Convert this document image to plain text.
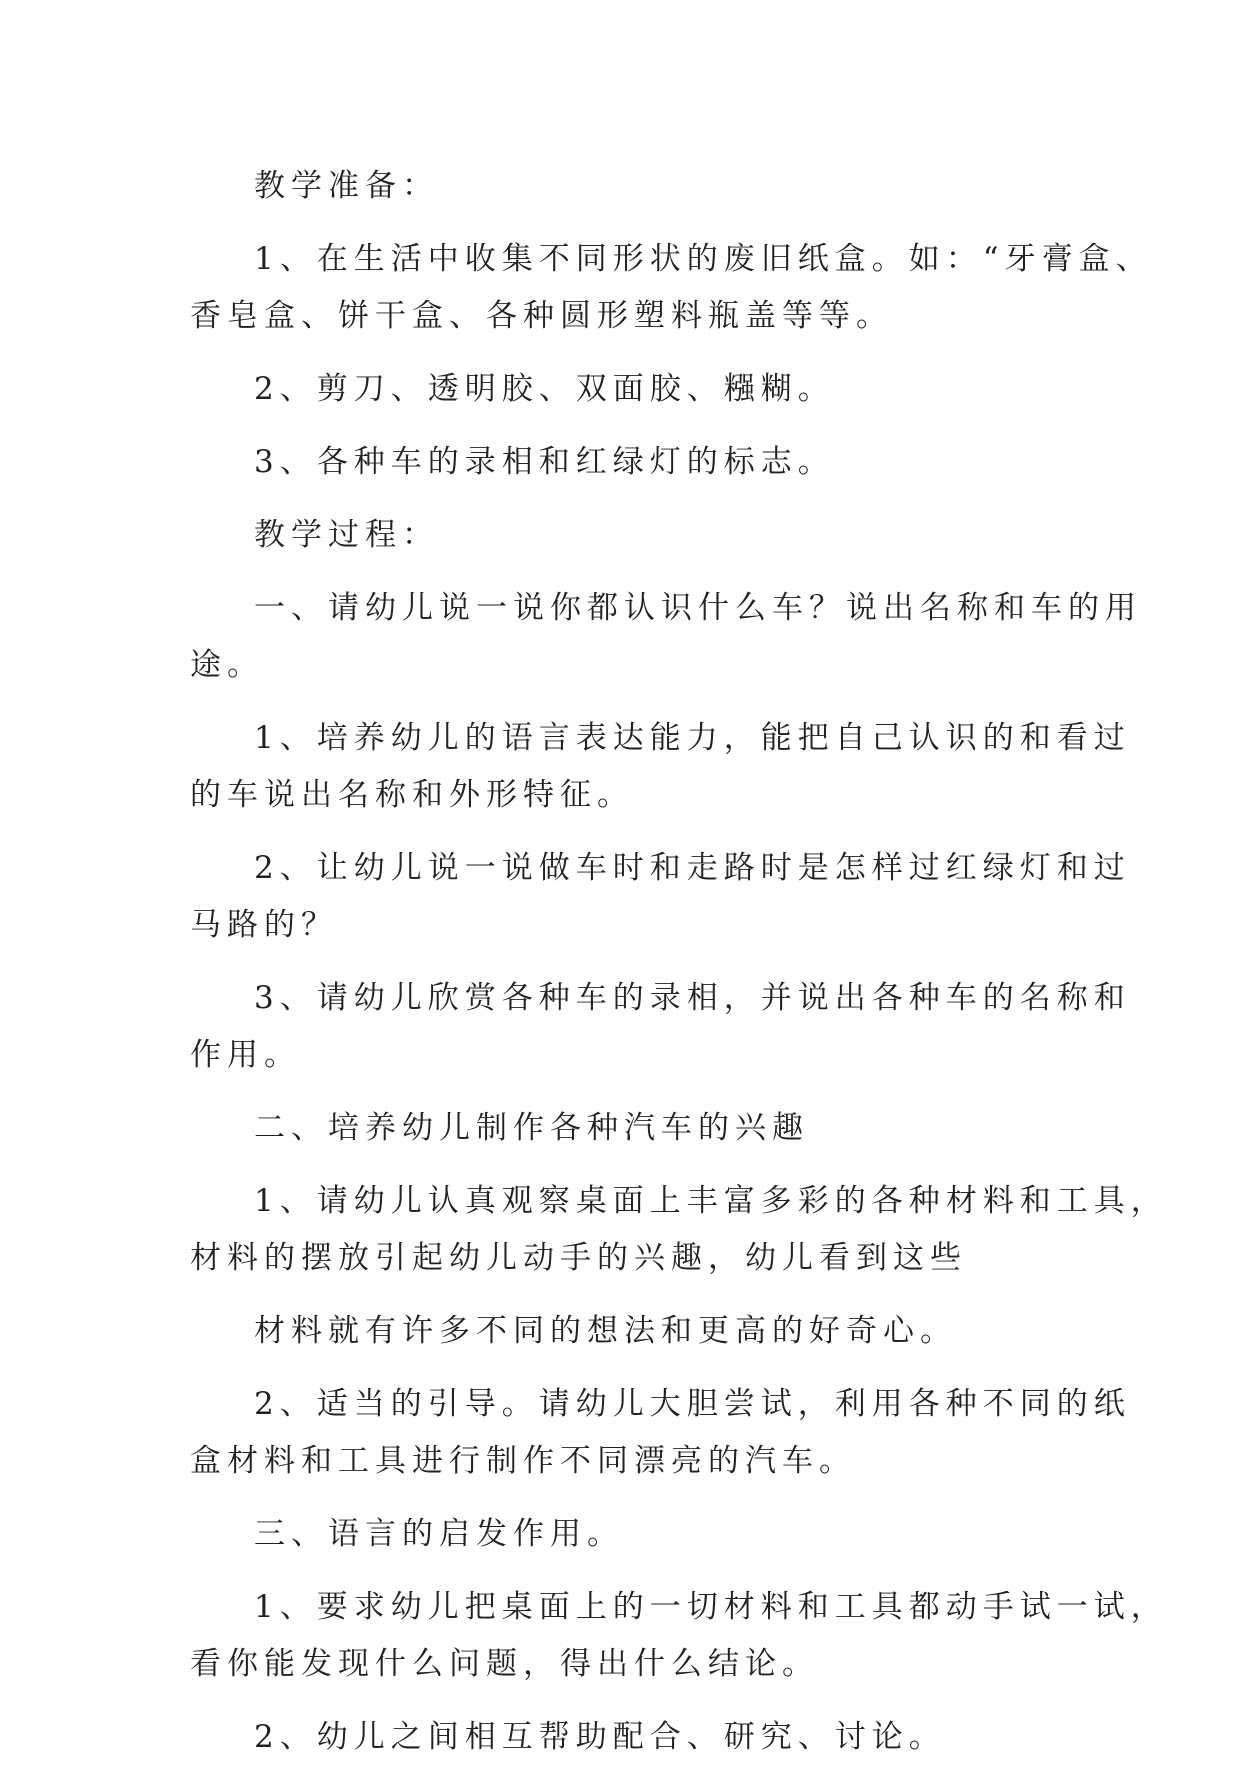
教学准备：
1、在生活中收集不同形状的废旧纸盒。如：“牙膏盒、
香皂盒、饼干盒、各种圆形塑料瓶盖等等。
2、剪刀、透明胶、双面胶、糨糊。
3、各种车的录相和红绿灯的标志。
教学过程：
一、请幼儿说一说你都认识什么车？说出名称和车的用
途。
1、培养幼儿的语言表达能力，能把自己认识的和看过
的车说出名称和外形特征。
2、让幼儿说一说做车时和走路时是怎样过红绿灯和过
马路的？
3、请幼儿欣赏各种车的录相，并说出各种车的名称和
作用。
二、培养幼儿制作各种汽车的兴趣
1、请幼儿认真观察桌面上丰富多彩的各种材料和工具，
材料的摆放引起幼儿动手的兴趣，幼儿看到这些
材料就有许多不同的想法和更高的好奇心。
2、适当的引导。请幼儿大胆尝试，利用各种不同的纸
盒材料和工具进行制作不同漂亮的汽车。
三、语言的启发作用。
1、要求幼儿把桌面上的一切材料和工具都动手试一试，
看你能发现什么问题，得出什么结论。
2、幼儿之间相互帮助配合、研究、讨论。
